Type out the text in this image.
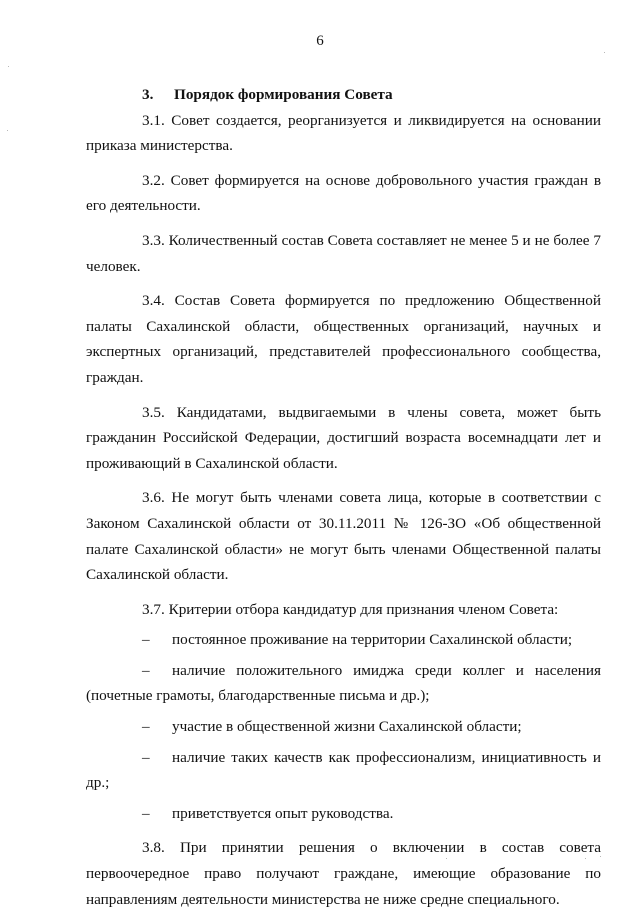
6
3. Порядок формирования Совета

3.1. Совет создается, реорганизуется и ликвидируется на основании приказа министерства.

3.2. Совет формируется на основе добровольного участия граждан в его деятельности.

3.3. Количественный состав Совета составляет не менее 5 и не более 7 человек.

3.4. Состав Совета формируется по предложению Общественной палаты Сахалинской области, общественных организаций, научных и экспертных организаций, представителей профессионального сообщества, граждан.

3.5. Кандидатами, выдвигаемыми в члены совета, может быть гражданин Российской Федерации, достигший возраста восемнадцати лет и проживающий в Сахалинской области.

3.6. Не могут быть членами совета лица, которые в соответствии с Законом Сахалинской области от 30.11.2011 № 126-ЗО «Об общественной палате Сахалинской области» не могут быть членами Общественной палаты Сахалинской области.

3.7. Критерии отбора кандидатур для признания членом Совета:

– постоянное проживание на территории Сахалинской области;
– наличие положительного имиджа среди коллег и населения (почетные грамоты, благодарственные письма и др.);
– участие в общественной жизни Сахалинской области;
– наличие таких качеств как профессионализм, инициативность и др.;
– приветствуется опыт руководства.

3.8. При принятии решения о включении в состав совета первоочередное право получают граждане, имеющие образование по направлениям деятельности министерства не ниже средне специального.
